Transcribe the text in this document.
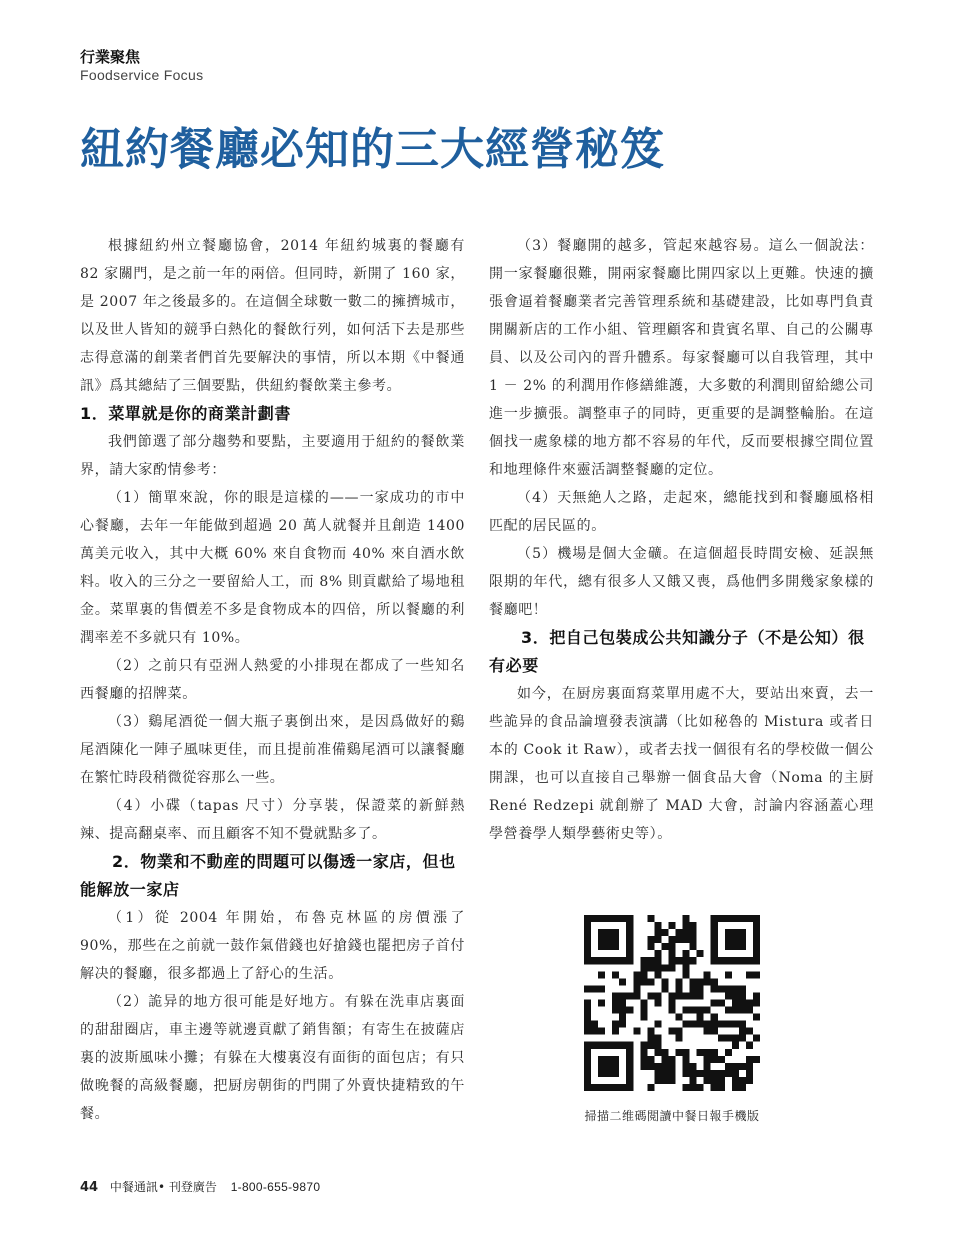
行業聚焦
Foodservice Focus
紐約餐廳必知的三大經營秘笈

根據紐約州立餐廳協會，2014 年紐約城裏的餐廳有 82 家關門，是之前一年的兩倍。但同時，新開了 160 家，是 2007 年之後最多的。在這個全球數一數二的擁擠城市，以及世人皆知的競爭白熱化的餐飲行列，如何活下去是那些志得意滿的創業者們首先要解決的事情，所以本期《中餐通訊》爲其總結了三個要點，供紐約餐飲業主參考。

1．菜單就是你的商業計劃書

我們節選了部分趨勢和要點，主要適用于紐約的餐飲業界，請大家酌情參考：

（1）簡單來說，你的眼是這樣的——一家成功的市中心餐廳，去年一年能做到超過 20 萬人就餐并且創造 1400 萬美元收入，其中大概 60% 來自食物而 40% 來自酒水飲料。收入的三分之一要留給人工，而 8% 則貢獻給了場地租金。菜單裏的售價差不多是食物成本的四倍，所以餐廳的利潤率差不多就只有 10%。

（2）之前只有亞洲人熱愛的小排現在都成了一些知名西餐廳的招牌菜。

（3）鷄尾酒從一個大瓶子裏倒出來，是因爲做好的鷄尾酒陳化一陣子風味更佳，而且提前准備鷄尾酒可以讓餐廳在繁忙時段稍微從容那么一些。

（4）小碟（tapas 尺寸）分享裝，保證菜的新鮮熱辣、提高翻桌率、而且顧客不知不覺就點多了。

2．物業和不動産的問題可以傷透一家店，但也能解放一家店

（1）從 2004 年開始，布魯克林區的房價漲了 90%，那些在之前就一鼓作氣借錢也好搶錢也罷把房子首付解决的餐廳，很多都過上了舒心的生活。

（2）詭异的地方很可能是好地方。有躲在洗車店裏面的甜甜圈店，車主邊等就邊貢獻了銷售額；有寄生在披薩店裏的波斯風味小攤；有躲在大樓裏沒有面街的面包店；有只做晚餐的高級餐廳，把厨房朝街的門開了外賣快捷精致的午餐。

（3）餐廳開的越多，管起來越容易。這么一個說法：開一家餐廳很難，開兩家餐廳比開四家以上更難。快速的擴張會逼着餐廳業者完善管理系統和基礎建設，比如專門負責開關新店的工作小組、管理顧客和貴賓名單、自己的公關專員、以及公司內的晋升體系。每家餐廳可以自我管理，其中 1 － 2% 的利潤用作修繕維護，大多數的利潤則留給總公司進一步擴張。調整車子的同時，更重要的是調整輪胎。在這個找一處象樣的地方都不容易的年代，反而要根據空間位置和地理條件來靈活調整餐廳的定位。

（4）天無絶人之路，走起來，總能找到和餐廳風格相匹配的居民區的。

（5）機場是個大金礦。在這個超長時間安檢、延誤無限期的年代，總有很多人又餓又喪，爲他們多開幾家象樣的餐廳吧！

3．把自己包裝成公共知識分子（不是公知）很有必要

如今，在厨房裏面寫菜單用處不大，要站出來賣，去一些詭异的食品論壇發表演講（比如秘魯的 Mistura 或者日本的 Cook it Raw），或者去找一個很有名的學校做一個公開課，也可以直接自己舉辦一個食品大會（Noma 的主厨 René Redzepi 就創辦了 MAD 大會，討論内容涵蓋心理學營養學人類學藝術史等）。

掃描二维碼閲讀中餐日報手機版
44 中餐通訊• 刊登廣告 1-800-655-9870
